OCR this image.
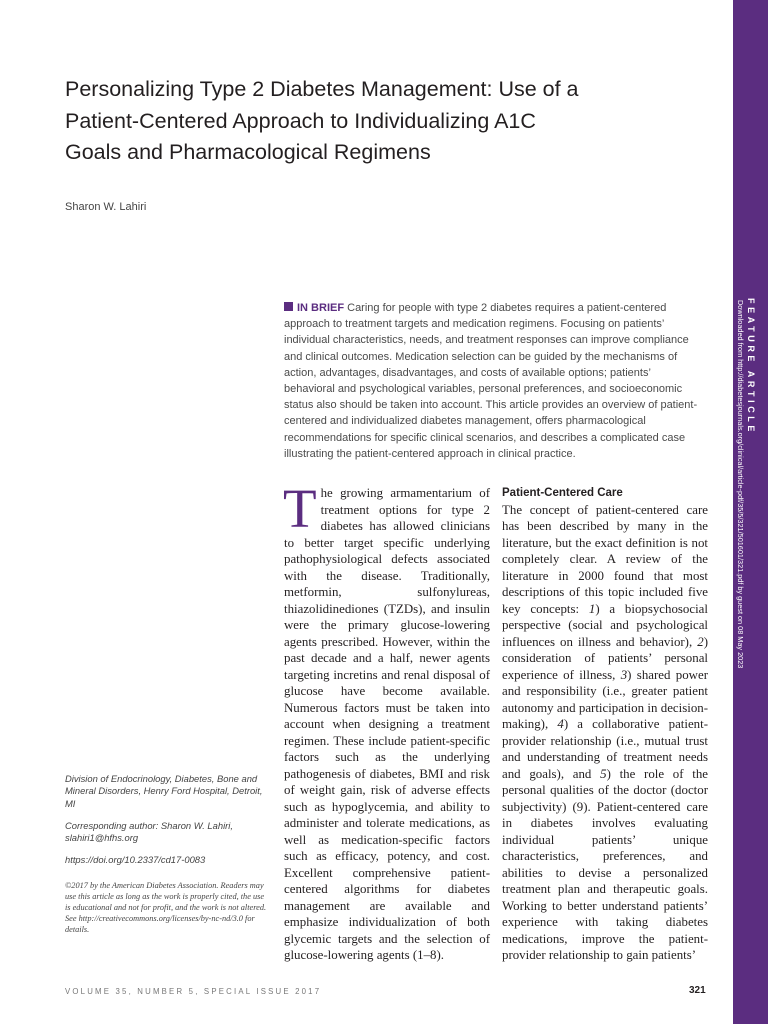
FEATURE ARTICLE
Downloaded from http://diabetesjournals.org/clinical/article-pdf/35/5/321/501601/321.pdf by guest on 08 May 2023
Personalizing Type 2 Diabetes Management: Use of a Patient-Centered Approach to Individualizing A1C Goals and Pharmacological Regimens
Sharon W. Lahiri
IN BRIEF Caring for people with type 2 diabetes requires a patient-centered approach to treatment targets and medication regimens. Focusing on patients’ individual characteristics, needs, and treatment responses can improve compliance and clinical outcomes. Medication selection can be guided by the mechanisms of action, advantages, disadvantages, and costs of available options; patients’ behavioral and psychological variables, personal preferences, and socioeconomic status also should be taken into account. This article provides an overview of patient-centered and individualized diabetes management, offers pharmacological recommendations for specific clinical scenarios, and describes a complicated case illustrating the patient-centered approach in clinical practice.
The growing armamentarium of treatment options for type 2 diabetes has allowed clinicians to better target specific underlying pathophysiological defects associated with the disease. Traditionally, metformin, sulfonylureas, thiazolidinediones (TZDs), and insulin were the primary glucose-lowering agents prescribed. However, within the past decade and a half, newer agents targeting incretins and renal disposal of glucose have become available. Numerous factors must be taken into account when designing a treatment regimen. These include patient-specific factors such as the underlying pathogenesis of diabetes, BMI and risk of weight gain, risk of adverse effects such as hypoglycemia, and ability to administer and tolerate medications, as well as medication-specific factors such as efficacy, potency, and cost. Excellent comprehensive patient-centered algorithms for diabetes management are available and emphasize individualization of both glycemic targets and the selection of glucose-lowering agents (1–8).
Patient-Centered Care

The concept of patient-centered care has been described by many in the literature, but the exact definition is not completely clear. A review of the literature in 2000 found that most descriptions of this topic included five key concepts: 1) a biopsychosocial perspective (social and psychological influences on illness and behavior), 2) consideration of patients’ personal experience of illness, 3) shared power and responsibility (i.e., greater patient autonomy and participation in decision-making), 4) a collaborative patient-provider relationship (i.e., mutual trust and understanding of treatment needs and goals), and 5) the role of the personal qualities of the doctor (doctor subjectivity) (9). Patient-centered care in diabetes involves evaluating individual patients’ unique characteristics, preferences, and abilities to devise a personalized treatment plan and therapeutic goals. Working to better understand patients’ experience with taking diabetes medications, improve the patient-provider relationship to gain patients’

Division of Endocrinology, Diabetes, Bone and Mineral Disorders, Henry Ford Hospital, Detroit, MI

Corresponding author: Sharon W. Lahiri, slahiri1@hfhs.org

https://doi.org/10.2337/cd17-0083

©2017 by the American Diabetes Association. Readers may use this article as long as the work is properly cited, the use is educational and not for profit, and the work is not altered. See http://creativecommons.org/licenses/by-nc-nd/3.0 for details.
VOLUME 35, NUMBER 5, SPECIAL ISSUE 2017	321
